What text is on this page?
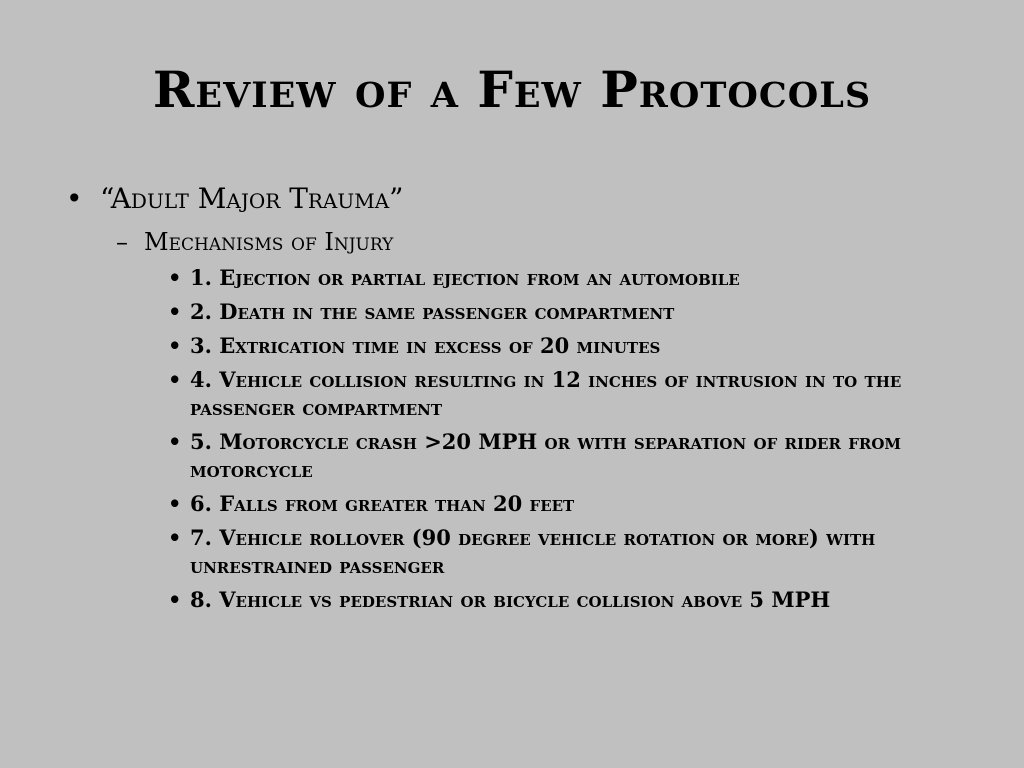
Review of a Few Protocols
• “Adult Major Trauma”
– Mechanisms of Injury
• 1. Ejection or partial ejection from an automobile
• 2. Death in the same passenger compartment
• 3. Extrication time in excess of 20 minutes
• 4. Vehicle collision resulting in 12 inches of intrusion in to the passenger compartment
• 5. Motorcycle crash >20 MPH or with separation of rider from motorcycle
• 6. Falls from greater than 20 feet
• 7. Vehicle rollover (90 degree vehicle rotation or more) with unrestrained passenger
• 8. Vehicle vs pedestrian or bicycle collision above 5 MPH
